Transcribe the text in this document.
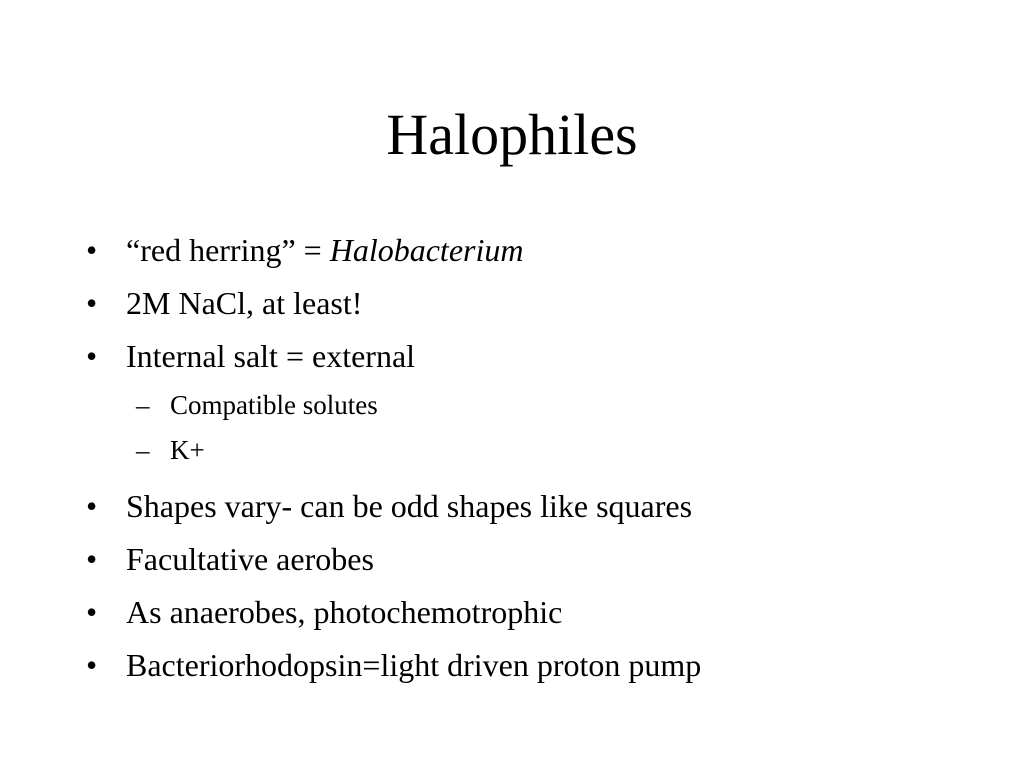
Halophiles
• “red herring” = Halobacterium
• 2M NaCl, at least!
• Internal salt = external
– Compatible solutes
– K+
• Shapes vary- can be odd shapes like squares
• Facultative aerobes
• As anaerobes, photochemotrophic
• Bacteriorhodopsin=light driven proton pump
